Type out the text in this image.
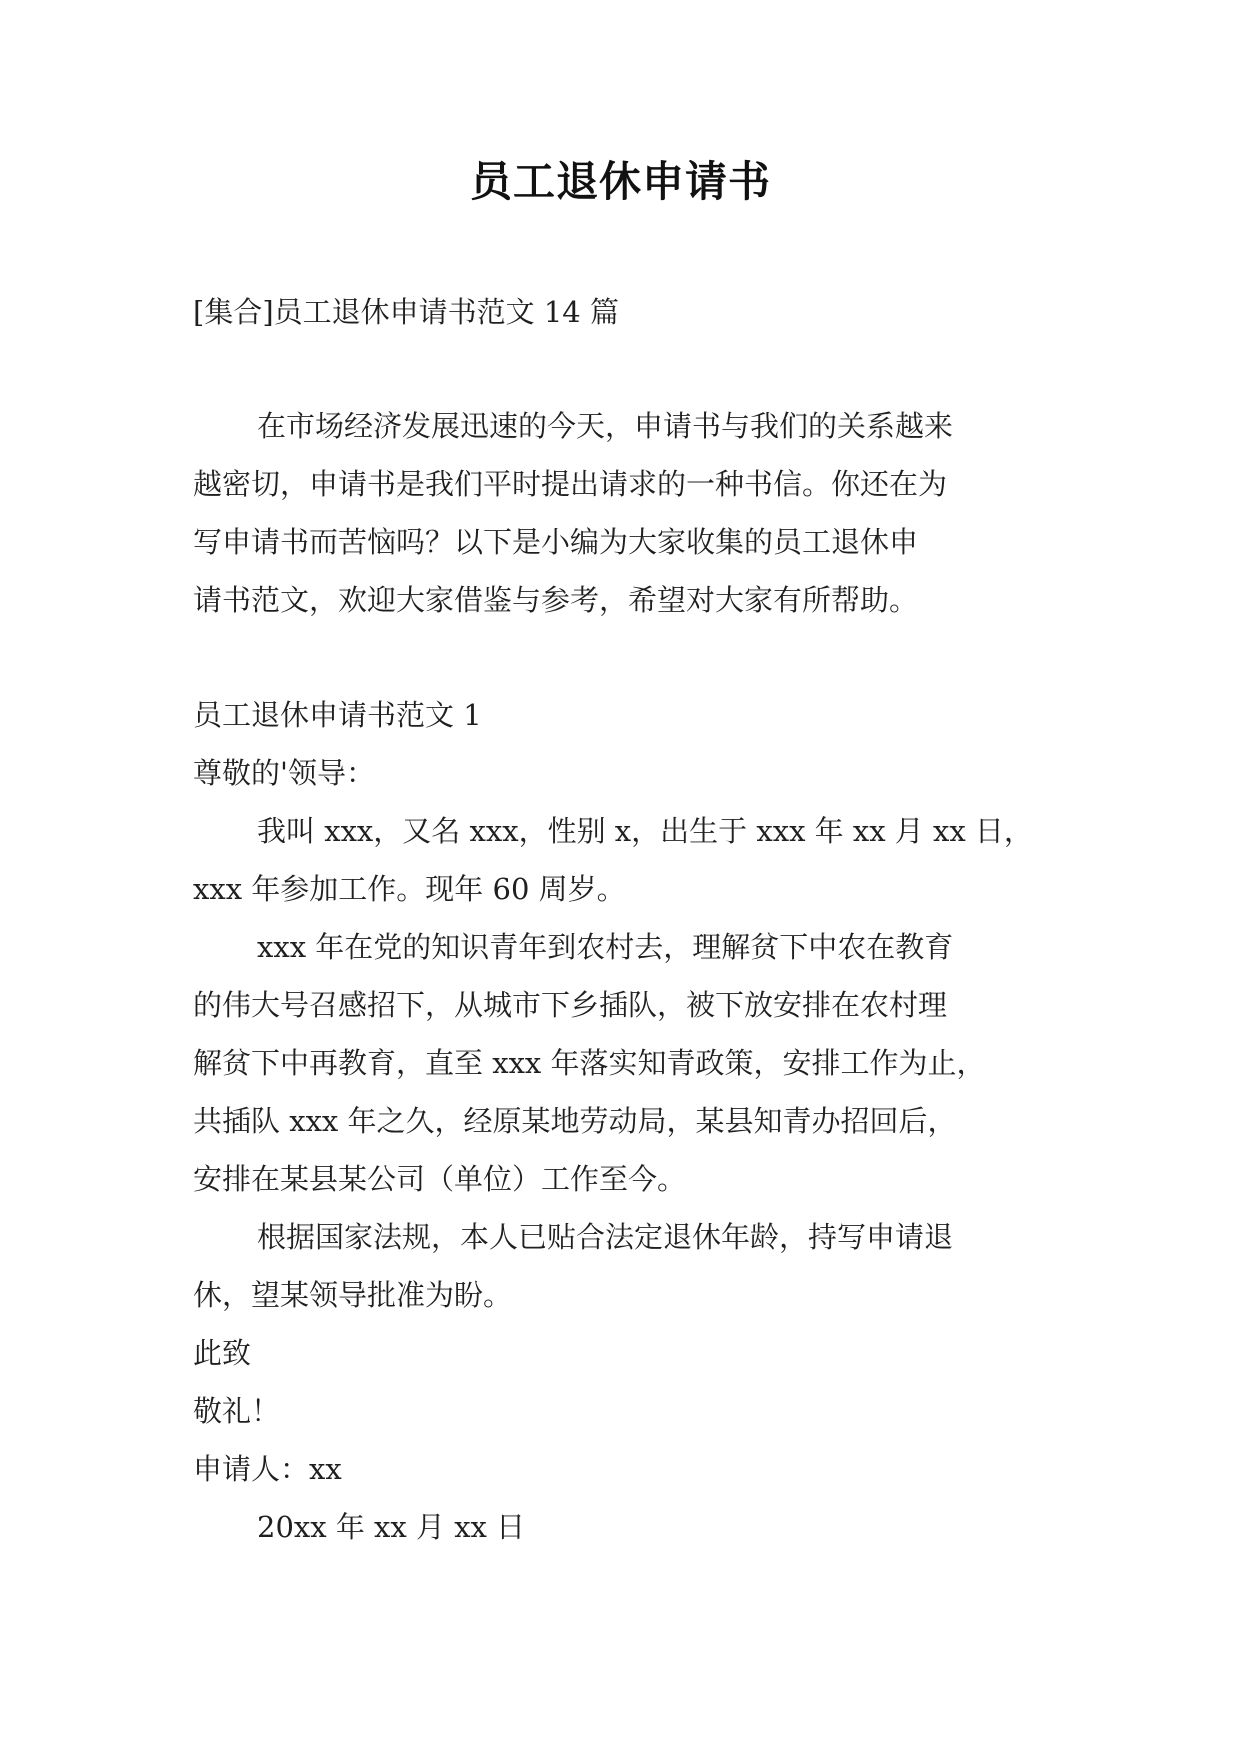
员工退休申请书
[集合]员工退休申请书范文 14 篇
在市场经济发展迅速的今天，申请书与我们的关系越来
越密切，申请书是我们平时提出请求的一种书信。你还在为
写申请书而苦恼吗？以下是小编为大家收集的员工退休申
请书范文，欢迎大家借鉴与参考，希望对大家有所帮助。
员工退休申请书范文 1
尊敬的'领导：
我叫 xxx，又名 xxx，性别 x，出生于 xxx 年 xx 月 xx 日，
xxx 年参加工作。现年 60 周岁。
xxx 年在党的知识青年到农村去，理解贫下中农在教育
的伟大号召感招下，从城市下乡插队，被下放安排在农村理
解贫下中再教育，直至 xxx 年落实知青政策，安排工作为止，
共插队 xxx 年之久，经原某地劳动局，某县知青办招回后，
安排在某县某公司（单位）工作至今。
根据国家法规，本人已贴合法定退休年龄，持写申请退
休，望某领导批准为盼。
此致
敬礼！
申请人：xx
20xx 年 xx 月 xx 日
